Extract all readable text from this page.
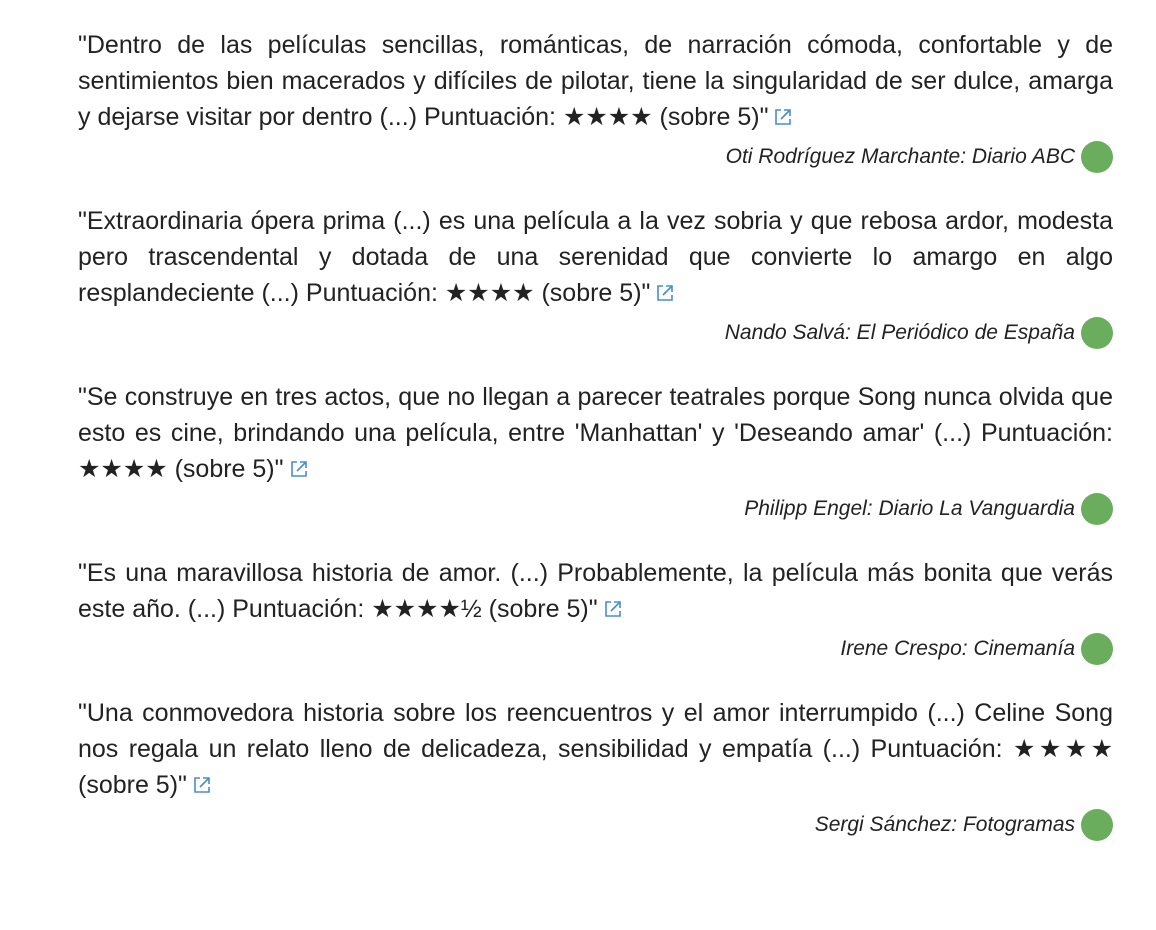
"Dentro de las películas sencillas, románticas, de narración cómoda, confortable y de sentimientos bien macerados y difíciles de pilotar, tiene la singularidad de ser dulce, amarga y dejarse visitar por dentro (...) Puntuación: ★★★★ (sobre 5)"

Oti Rodríguez Marchante: Diario ABC

"Extraordinaria ópera prima (...) es una película a la vez sobria y que rebosa ardor, modesta pero trascendental y dotada de una serenidad que convierte lo amargo en algo resplandeciente (...) Puntuación: ★★★★ (sobre 5)"

Nando Salvá: El Periódico de España

"Se construye en tres actos, que no llegan a parecer teatrales porque Song nunca olvida que esto es cine, brindando una película, entre 'Manhattan' y 'Deseando amar' (...) Puntuación: ★★★★ (sobre 5)"

Philipp Engel: Diario La Vanguardia

"Es una maravillosa historia de amor. (...) Probablemente, la película más bonita que verás este año. (...) Puntuación: ★★★★½ (sobre 5)"

Irene Crespo: Cinemanía

"Una conmovedora historia sobre los reencuentros y el amor interrumpido (...) Celine Song nos regala un relato lleno de delicadeza, sensibilidad y empatía (...) Puntuación: ★★★★ (sobre 5)"

Sergi Sánchez: Fotogramas
